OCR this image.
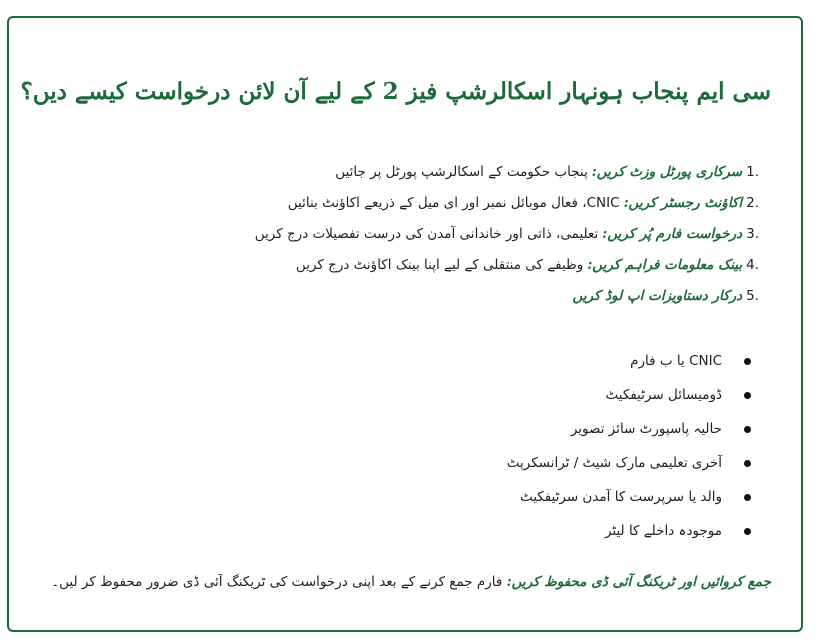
سی ایم پنجاب ہونہار اسکالرشپ فیز 2 کے لیے آن لائن درخواست کیسے دیں؟
1.
سرکاری پورٹل وزٹ کریں:
پنجاب حکومت کے اسکالرشپ پورٹل پر جائیں
2.
اکاؤنٹ رجسٹر کریں:
CNIC، فعال موبائل نمبر اور ای میل کے ذریعے اکاؤنٹ بنائیں
3.
درخواست فارم پُر کریں:
تعلیمی، ذاتی اور خاندانی آمدن کی درست تفصیلات درج کریں
4.
بینک معلومات فراہم کریں:
وظیفے کی منتقلی کے لیے اپنا بینک اکاؤنٹ درج کریں
5.
درکار دستاویزات اپ لوڈ کریں
CNIC یا ب فارم
ڈومیسائل سرٹیفکیٹ
حالیہ پاسپورٹ سائز تصویر
آخری تعلیمی مارک شیٹ / ٹرانسکرپٹ
والد یا سرپرست کا آمدن سرٹیفکیٹ
موجودہ داخلے کا لیٹر

جمع کروائیں اور ٹریکنگ آئی ڈی محفوظ کریں: فارم جمع کرنے کے بعد اپنی درخواست کی ٹریکنگ آئی ڈی ضرور محفوظ کر لیں۔
